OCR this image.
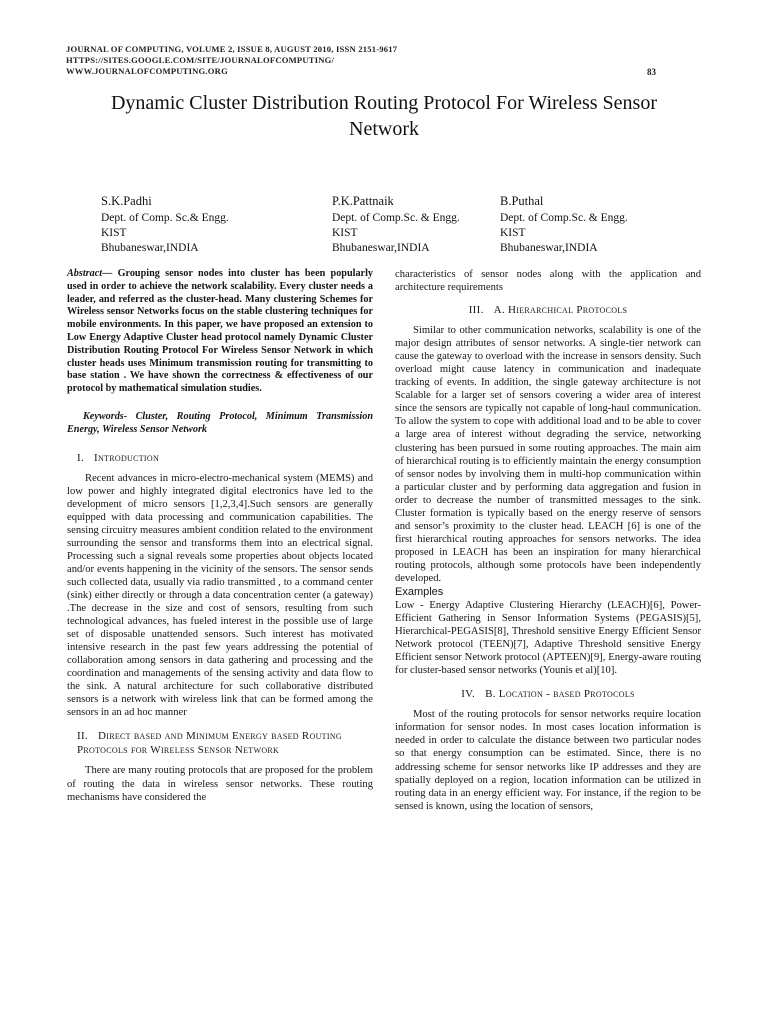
JOURNAL OF COMPUTING, VOLUME 2, ISSUE 8, AUGUST 2010, ISSN 2151-9617
HTTPS://SITES.GOOGLE.COM/SITE/JOURNALOFCOMPUTING/
WWW.JOURNALOFCOMPUTING.ORG	83
Dynamic Cluster Distribution Routing Protocol For Wireless Sensor
Network
S.K.Padhi
Dept. of Comp. Sc.& Engg.
KIST
Bhubaneswar,INDIA
P.K.Pattnaik
Dept. of Comp.Sc. & Engg.
KIST
Bhubaneswar,INDIA
B.Puthal
Dept. of Comp.Sc. & Engg.
KIST
Bhubaneswar,INDIA
Abstract— Grouping sensor nodes into cluster has been popularly used in order to achieve the network scalability. Every cluster needs a leader, and referred as the cluster-head. Many clustering Schemes for Wireless sensor Networks focus on the stable clustering techniques for mobile environments. In this paper, we have proposed an extension to Low Energy Adaptive Cluster head protocol namely Dynamic Cluster Distribution Routing Protocol For Wireless Sensor Network in which cluster heads uses Minimum transmission routing for transmitting to base station . We have shown the correctness & effectiveness of our protocol by mathematical simulation studies.
Keywords- Cluster, Routing Protocol, Minimum Transmission Energy, Wireless Sensor Network
I. Introduction

Recent advances in micro-electro-mechanical system (MEMS) and low power and highly integrated digital electronics have led to the development of micro sensors [1,2,3,4].Such sensors are generally equipped with data processing and communication capabilities. The sensing circuitry measures ambient condition related to the environment surrounding the sensor and transforms them into an electrical signal. Processing such a signal reveals some properties about objects located and/or events happening in the vicinity of the sensors. The sensor sends such collected data, usually via radio transmitted , to a command center (sink) either directly or through a data concentration center (a gateway) .The decrease in the size and cost of sensors, resulting from such technological advances, has fueled interest in the possible use of large set of disposable unattended sensors. Such interest has motivated intensive research in the past few years addressing the potential of collaboration among sensors in data gathering and processing and the coordination and managements of the sensing activity and data flow to the sink. A natural architecture for such collaborative distributed sensors is a network with wireless link that can be formed among the sensors in an ad hoc manner

II. Direct based and Minimum Energy based Routing Protocols for Wireless Sensor Network

There are many routing protocols that are proposed for the problem of routing the data in wireless sensor networks. These routing mechanisms have considered the

characteristics of sensor nodes along with the application and architecture requirements

III. A. Hierarchical Protocols

Similar to other communication networks, scalability is one of the major design attributes of sensor networks. A single-tier network can cause the gateway to overload with the increase in sensors density. Such overload might cause latency in communication and inadequate tracking of events. In addition, the single gateway architecture is not Scalable for a larger set of sensors covering a wider area of interest since the sensors are typically not capable of long-haul communication. To allow the system to cope with additional load and to be able to cover a large area of interest without degrading the service, networking clustering has been pursued in some routing approaches. The main aim of hierarchical routing is to efficiently maintain the energy consumption of sensor nodes by involving them in multi-hop communication within a particular cluster and by performing data aggregation and fusion in order to decrease the number of transmitted messages to the sink. Cluster formation is typically based on the energy reserve of sensors and sensor’s proximity to the cluster head. LEACH [6] is one of the first hierarchical routing approaches for sensors networks. The idea proposed in LEACH has been an inspiration for many hierarchical routing protocols, although some protocols have been independently developed.

Examples

Low - Energy Adaptive Clustering Hierarchy (LEACH)[6], Power-Efficient Gathering in Sensor Information Systems (PEGASIS)[5], Hierarchical-PEGASIS[8], Threshold sensitive Energy Efficient Sensor Network protocol (TEEN)[7], Adaptive Threshold sensitive Energy Efficient sensor Network protocol (APTEEN)[9], Energy-aware routing for cluster-based sensor networks (Younis et al)[10].

IV. B. Location - based Protocols

Most of the routing protocols for sensor networks require location information for sensor nodes. In most cases location information is needed in order to calculate the distance between two particular nodes so that energy consumption can be estimated. Since, there is no addressing scheme for sensor networks like IP addresses and they are spatially deployed on a region, location information can be utilized in routing data in an energy efficient way. For instance, if the region to be sensed is known, using the location of sensors,
